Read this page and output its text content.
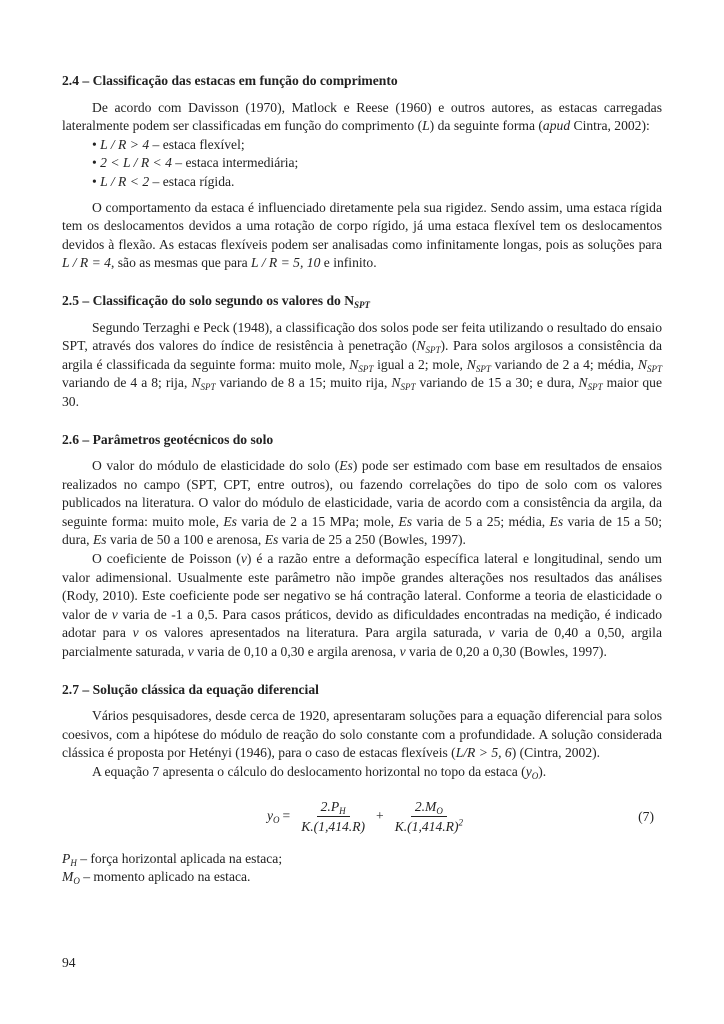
2.4 – Classificação das estacas em função do comprimento

De acordo com Davisson (1970), Matlock e Reese (1960) e outros autores, as estacas carregadas lateralmente podem ser classificadas em função do comprimento (L) da seguinte forma (apud Cintra, 2002):

• L / R > 4 – estaca flexível;
• 2 < L / R < 4 – estaca intermediária;
• L / R < 2 – estaca rígida.

O comportamento da estaca é influenciado diretamente pela sua rigidez. Sendo assim, uma estaca rígida tem os deslocamentos devidos a uma rotação de corpo rígido, já uma estaca flexível tem os deslocamentos devidos à flexão. As estacas flexíveis podem ser analisadas como infinitamente longas, pois as soluções para L / R = 4, são as mesmas que para L / R = 5, 10 e infinito.

2.5 – Classificação do solo segundo os valores do $N_{SPT}$

Segundo Terzaghi e Peck (1948), a classificação dos solos pode ser feita utilizando o resultado do ensaio SPT, através dos valores do índice de resistência à penetração $(N_{SPT})$. Para solos argilosos a consistência da argila é classificada da seguinte forma: muito mole, $N_{SPT}$ igual a 2; mole, $N_{SPT}$ variando de 2 a 4; média, $N_{SPT}$ variando de 4 a 8; rija, $N_{SPT}$ variando de 8 a 15; muito rija, $N_{SPT}$ variando de 15 a 30; e dura, $N_{SPT}$ maior que 30.

2.6 – Parâmetros geotécnicos do solo

O valor do módulo de elasticidade do solo (Es) pode ser estimado com base em resultados de ensaios realizados no campo (SPT, CPT, entre outros), ou fazendo correlações do tipo de solo com os valores publicados na literatura. O valor do módulo de elasticidade, varia de acordo com a consistência da argila, da seguinte forma: muito mole, Es varia de 2 a 15 MPa; mole, Es varia de 5 a 25; média, Es varia de 15 a 50; dura, Es varia de 50 a 100 e arenosa, Es varia de 25 a 250 (Bowles, 1997).

O coeficiente de Poisson (ν) é a razão entre a deformação específica lateral e longitudinal, sendo um valor adimensional. Usualmente este parâmetro não impõe grandes alterações nos resultados das análises (Rody, 2010). Este coeficiente pode ser negativo se há contração lateral. Conforme a teoria de elasticidade o valor de ν varia de -1 a 0,5. Para casos práticos, devido as dificuldades encontradas na medição, é indicado adotar para ν os valores apresentados na literatura. Para argila saturada, ν varia de 0,40 a 0,50, argila parcialmente saturada, ν varia de 0,10 a 0,30 e argila arenosa, ν varia de 0,20 a 0,30 (Bowles, 1997).

2.7 – Solução clássica da equação diferencial

Vários pesquisadores, desde cerca de 1920, apresentaram soluções para a equação diferencial para solos coesivos, com a hipótese do módulo de reação do solo constante com a profundidade. A solução considerada clássica é proposta por Hetényi (1946), para o caso de estacas flexíveis (L/R > 5, 6) (Cintra, 2002).

A equação 7 apresenta o cálculo do deslocamento horizontal no topo da estaca $(y_O)$.

$y_O = \frac{2.P_H}{K.(1,414.R)} + \frac{2.M_O}{K.(1,414.R)^2}$	(7)

$P_H$ – força horizontal aplicada na estaca;

$M_O$ – momento aplicado na estaca.

94
